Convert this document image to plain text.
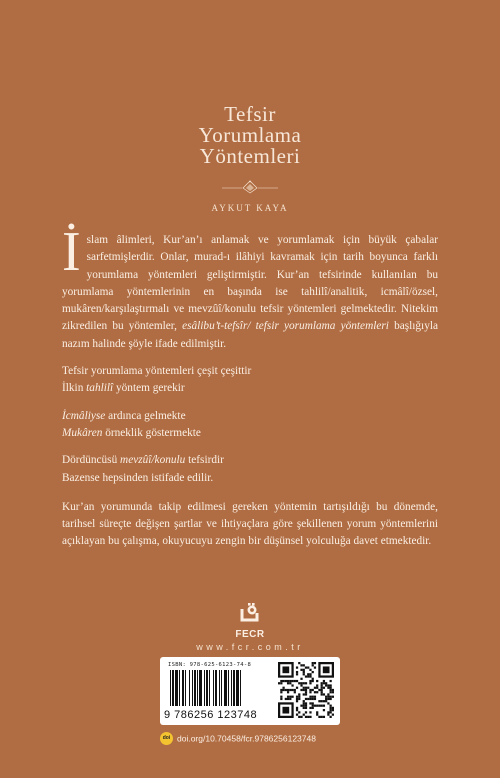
Tefsir
Yorumlama
Yöntemleri
AYKUT KAYA

İslam âlimleri, Kur’an’ı anlamak ve yorumlamak için büyük çabalar sarfetmişlerdir. Onlar, murad-ı ilâhiyi kavramak için tarih boyunca farklı yorumlama yöntemleri geliştirmiştir. Kur’an tefsirinde kullanılan bu yorumlama yöntemlerinin en başında ise tahlilî/analitik, icmâlî/özsel, mukâren/karşılaştırmalı ve mevzûî/konulu tefsir yöntemleri gelmektedir. Nitekim zikredilen bu yöntemler, esâlibu’t-tefsîr/ tefsir yorumlama yöntemleri başlığıyla nazım halinde şöyle ifade edilmiştir.

Tefsir yorumlama yöntemleri çeşit çeşittir

İlkin tahlilî yöntem gerekir

İcmâliyse ardınca gelmekte

Mukâren örneklik göstermekte

Dördüncüsü mevzûî/konulu tefsirdir

Bazense hepsinden istifade edilir.

Kur’an yorumunda takip edilmesi gereken yöntemin tartışıldığı bu dönemde, tarihsel süreçte değişen şartlar ve ihtiyaçlara göre şekillenen yorum yöntemlerini açıklayan bu çalışma, okuyucuyu zengin bir düşünsel yolculuğa davet etmektedir.

FECR
www.fcr.com.tr
ISBN: 978-625-6123-74-8
9 786256 123748
doi doi.org/10.70458/fcr.9786256123748
